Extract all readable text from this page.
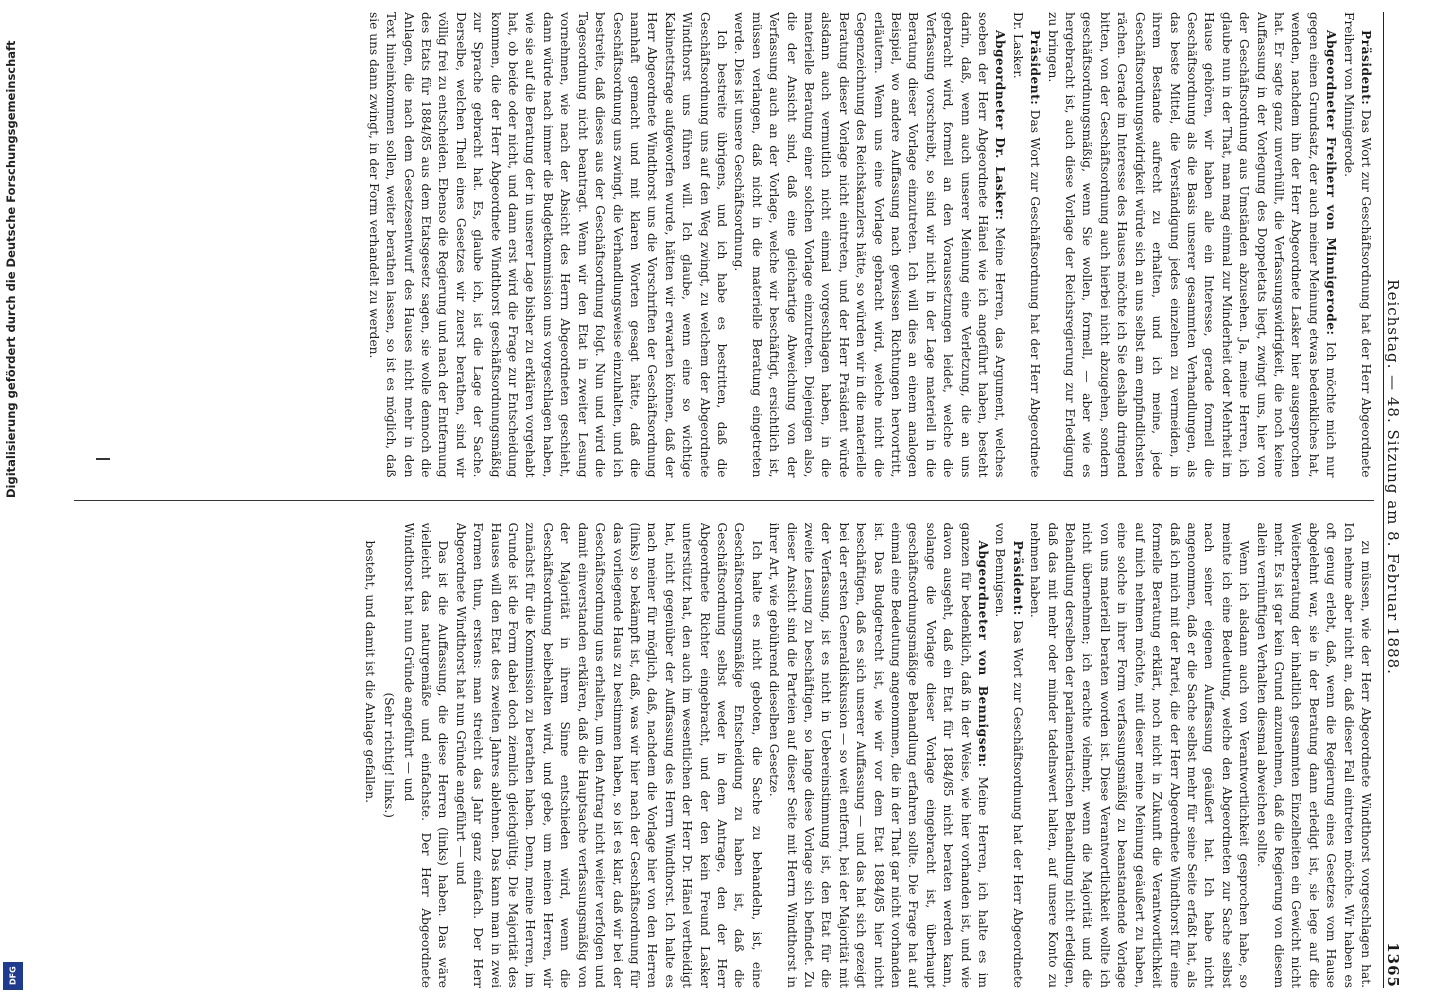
Digitalisierung gefördert durch die Deutsche Forschungsgemeinschaft
DFG
Reichstag. — 48. Sitzung am 8. Februar 1888.
1365

Präsident: Das Wort zur Geschäftsordnung hat der Herr Abgeordnete Freiherr von Minnigerode.

Abgeordneter Freiherr von Minnigerode: Ich möchte mich nur gegen einen Grundsatz, der auch meiner Meinung etwas bedenkliches hat, wenden, nachdem ihn der Herr Abgeordnete Lasker hier ausgesprochen hat. Er sagte ganz unverhüllt, die Verfassungswidrigkeit, die noch keine Auffassung in der Vorlegung des Doppeletats liegt, zwingt uns, hier von der Geschäftsordnung aus Umständen abzusehen. Ja, meine Herren, ich glaube nun in der That, man mag einmal zur Minderheit oder Mehrheit im Hause gehören, wir haben alle ein Interesse, gerade formell die Geschäftsordnung als die Basis unserer gesammten Verhandlungen, als das beste Mittel, die Verständigung jedes einzelnen zu vermeiden, in ihrem Bestande aufrecht zu erhalten, und ich meine, jede Geschäftsordnungswidrigkeit würde sich an uns selbst am empfindlichsten rächen. Gerade im Interesse des Hauses möchte ich Sie deshalb dringend bitten, von der Geschäftsordnung auch hierbei nicht abzugehen, sondern geschäftsordnungsmäßig, wenn Sie wollen, formell, — aber wie es hergebracht ist, auch diese Vorlage der Reichsregierung zur Erledigung zu bringen.

Präsident: Das Wort zur Geschäftsordnung hat der Herr Abgeordnete Dr. Lasker.

Abgeordneter Dr. Lasker: Meine Herren, das Argument, welches soeben der Herr Abgeordnete Hänel wie ich angeführt haben, besteht darin, daß, wenn auch unserer Meinung eine Verletzung, die an uns gebracht wird, formell an den Voraussetzungen leidet, welche die Verfassung vorschreibt, so sind wir nicht in der Lage materiell in die Beratung dieser Vorlage einzutreten. Ich will dies an einem analogen Beispiel, wo andere Auffassung nach gewissen Richtungen hervortritt, erläutern. Wenn uns eine Vorlage gebracht wird, welche nicht die Gegenzeichnung des Reichskanzlers hätte, so würden wir in die materielle Beratung dieser Vorlage nicht eintreten, und der Herr Präsident würde alsdann auch vermutlich nicht einmal vorgeschlagen haben, in die materielle Beratung einer solchen Vorlage einzutreten. Diejenigen also, die der Ansicht sind, daß eine gleichartige Abweichung von der Verfassung auch an der Vorlage, welche wir beschäftigt, ersichtlich ist, müssen verlangen, daß nicht in die materielle Beratung eingetreten werde. Dies ist unsere Geschäftsordnung.

Ich bestreite übrigens, und ich habe es bestritten, daß die Geschäftsordnung uns auf den Weg zwingt, zu welchem der Abgeordnete Windthorst uns führen will. Ich glaube, wenn eine so wichtige Kabinettsfrage aufgeworfen wurde, hätten wir erwarten können, daß der Herr Abgeordnete Windthorst uns die Vorschriften der Geschäftsordnung namhaft gemacht und mit klaren Worten gesagt hätte, daß die Geschäftsordnung uns zwingt, die Verhandlungsweise einzuhalten, und ich bestreite, daß dieses aus der Geschäftsordnung folgt. Nun und wird die Tagesordnung nicht beantragt. Wenn wir den Etat in zweiter Lesung vornehmen, wie nach der Absicht des Herrn Abgeordneten geschieht, dann würde nach immer die Budgetkommission uns vorgeschlagen haben, wie sie auf die Beratung der in unserer Lage bisher zu erklären vorgehabt hat, ob beide oder nicht, und dann erst wird die Frage zur Entscheidung kommen, die der Herr Abgeordnete Windthorst geschäftsordnungsmäßig zur Sprache gebracht hat. Es, glaube ich, ist die Lage der Sache. Derselbe, welchen Theil eines Gesetzes wir zuerst berathen, sind wir völlig frei zu entscheiden. Ebenso die Regierung und nach der Entfernung des Etats für 1884/85 aus dem Etatsgesetz sagen, sie wolle dennoch die Anlagen, die nach dem Gesetzesentwurf des Hauses nicht mehr in den Text hineinkommen sollen, weiter berathen lassen, so ist es möglich, daß sie uns dann zwingt, in der Form verhandelt zu werden.

zu müssen, wie der Herr Abgeordnete Windthorst vorgeschlagen hat. Ich nehme aber nicht an, daß dieser Fall eintreten möchte. Wir haben es oft genug erlebt, daß, wenn die Regierung eines Gesetzes vom Hause abgelehnt war, sie in der Beratung dann erledigt ist, sie lege auf die Weiterberatung der inhaltlich gesammten Einzelheiten ein Gewicht nicht mehr. Es ist gar kein Grund anzunehmen, daß die Regierung von diesem allein vernünftigen Verhalten diesmal abweichen sollte.

Wenn ich alsdann auch von Verantwortlichkeit gesprochen habe, so meinte ich eine Bedeutung, welche den Abgeordneten zur Sache selbst nach seiner eigenen Auffassung geäußert hat. Ich habe nicht angenommen, daß er die Sache selbst mehr für seine Seite erfaßt hat, als daß ich mich mit der Partei, die der Herr Abgeordnete Windthorst für eine formelle Beratung erklärt, noch nicht in Zukunft die Verantwortlichkeit auf mich nehmen möchte, mit dieser meine Meinung geäußert zu haben, eine solche in ihrer Form verfassungsmäßig zu beanstandende Vorlage von uns materiell beraten worden ist. Diese Verantwortlichkeit wollte ich nicht übernehmen; ich erachte vielmehr, wenn die Majorität und die Behandlung derselben der parlamentarischen Behandlung nicht erledigen, daß das mit mehr oder minder tadelnswert halten, auf unsere Konto zu nehmen haben.

Präsident: Das Wort zur Geschäftsordnung hat der Herr Abgeordnete von Bennigsen.

Abgeordneter von Bennigsen: Meine Herren, ich halte es im ganzen für bedenklich, daß in der Weise, wie hier vorhanden ist, und wie davon ausgeht, daß ein Etat für 1884/85 nicht beraten werden kann, solange die Vorlage dieser Vorlage eingebracht ist, überhaupt geschäftsordnungsmäßige Behandlung erfahren sollte. Die Frage hat auf einmal eine Bedeutung angenommen, die in der That gar nicht vorhanden ist. Das Budgetrecht ist, wie wir vor dem Etat 1884/85 hier nicht beschäftigen, daß es sich unserer Auffassung — und das hat sich gezeigt bei der ersten Generaldiskussion — so weit entfernt, bei der Majorität mit der Verfassung, ist es nicht in Uebereinstimmung ist, den Etat für die zweite Lesung zu beschäftigen, so lange diese Vorlage sich befindet. Zu dieser Ansicht sind die Parteien auf dieser Seite mit Herrn Windthorst in ihrer Art, wie gebührend dieselben Gesetze.

Ich halte es nicht geboten, die Sache zu behandeln, ist, eine Geschäftsordnungsmäßige Entscheidung zu haben ist, daß die Geschäftsordnung selbst weder in dem Antrage, den der Herr Abgeordnete Richter eingebracht, und der den kein Freund Lasker unterstützt hat, den auch im wesentlichen der Herr Dr. Hänel vertheidigt hat, nicht gegenüber der Auffassung des Herrn Windthorst. Ich halte es nach meiner für möglich, daß, nachdem die Vorlage hier von den Herren (links) so bekämpft ist, daß, was wir hier nach der Geschäftsordnung für das vorliegende Haus zu bestimmen haben, so ist es klar, daß wir bei der Geschäftsordnung uns erhalten, um den Antrag nicht weiter verfolgen und damit einverstanden erklären, daß die Hauptsache verfassungsmäßig von der Majorität in ihrem Sinne entschieden wird, wenn die Geschäftsordnung beibehalten wird, und gebe, um meinen Herren, wir zunächst für die Kommission zu berathen haben. Denn, meine Herren, im Grunde ist die Form dabei doch ziemlich gleichgültig. Die Majorität des Hauses will den Etat des zweiten Jahres ablehnen. Das kann man in zwei Formen thun, erstens: man streicht das Jahr ganz einfach. Der Herr Abgeordnete Windthorst hat nun Gründe angeführt — und

Das ist die Auffassung, die diese Herren (links) haben. Das wäre vielleicht das naturgemäße und einfachste. Der Herr Abgeordnete Windthorst hat nun Gründe angeführt — und

(Sehr richtig! links.)

besteht, und damit ist die Anlage gefallen.
